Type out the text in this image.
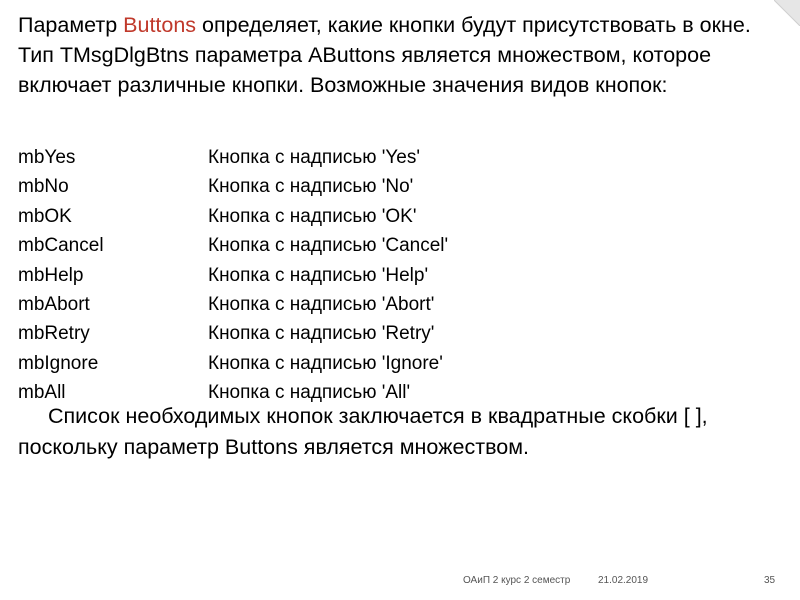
Параметр Buttons определяет, какие кнопки будут присутствовать в окне. Тип TMsgDlgBtns параметра AButtons является множеством, которое включает различные кнопки. Возможные значения видов кнопок:

mbYes	Кнопка с надписью 'Yes'
mbNo	Кнопка с надписью 'No'
mbOK	Кнопка с надписью 'OK'
mbCancel	Кнопка с надписью 'Cancel'
mbHelp	Кнопка с надписью 'Help'
mbAbort	Кнопка с надписью 'Abort'
mbRetry	Кнопка с надписью 'Retry'
mbIgnore	Кнопка с надписью 'Ignore'
mbAll	Кнопка с надписью 'All'

Список необходимых кнопок заключается в квадратные скобки [ ], поскольку параметр Buttons является множеством.

ОАиП 2 курс 2 семестр	21.02.2019	35
